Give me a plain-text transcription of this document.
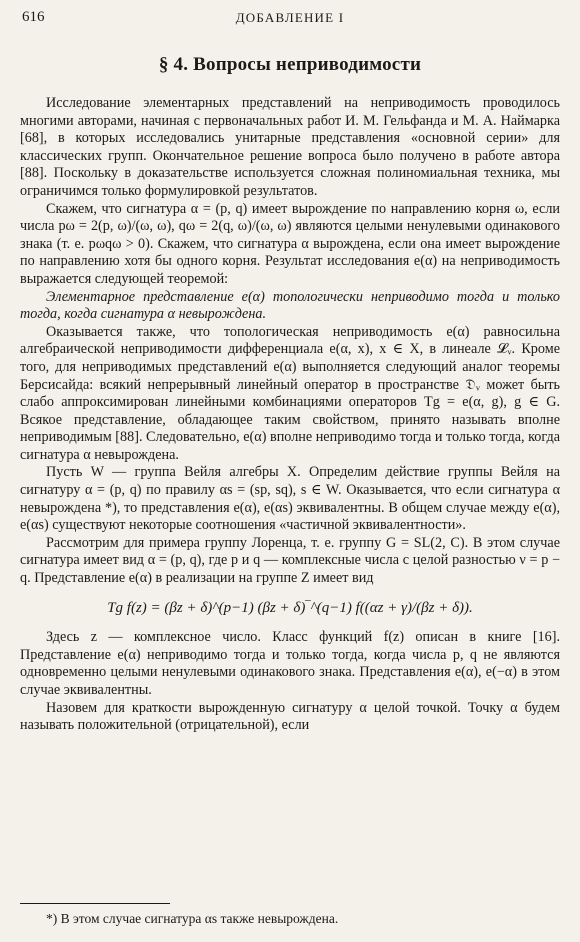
616	ДОБАВЛЕНИЕ I
§ 4. Вопросы неприводимости

Исследование элементарных представлений на неприводимость проводилось многими авторами, начиная с первоначальных работ И. М. Гельфанда и М. А. Наймарка [68], в которых исследовались унитарные представления «основной серии» для классических групп. Окончательное решение вопроса было получено в работе автора [88]. Поскольку в доказательстве используется сложная полиномиальная техника, мы ограничимся только формулировкой результатов.

Скажем, что сигнатура α = (p, q) имеет вырождение по направлению корня ω, если числа pω = 2(p, ω)/(ω, ω), qω = 2(q, ω)/(ω, ω) являются целыми ненулевыми одинакового знака (т. е. pωqω > 0). Скажем, что сигнатура α вырождена, если она имеет вырождение по направлению хотя бы одного корня. Результат исследования e(α) на неприводимость выражается следующей теоремой:

Элементарное представление e(α) топологически неприводимо тогда и только тогда, когда сигнатура α невырождена.

Оказывается также, что топологическая неприводимость e(α) равносильна алгебраической неприводимости дифференциала e(α, x), x ∈ X, в линеале 𝓛ᵥ. Кроме того, для неприводимых представлений e(α) выполняется следующий аналог теоремы Берсисайда: всякий непрерывный линейный оператор в пространстве 𝔇ᵥ может быть слабо аппроксимирован линейными комбинациями операторов Tg = e(α, g), g ∈ G. Всякое представление, обладающее таким свойством, принято называть вполне неприводимым [88]. Следовательно, e(α) вполне неприводимо тогда и только тогда, когда сигнатура α невырождена.

Пусть W — группа Вейля алгебры X. Определим действие группы Вейля на сигнатуру α = (p, q) по правилу αs = (sp, sq), s ∈ W. Оказывается, что если сигнатура α невырождена *), то представления e(α), e(αs) эквивалентны. В общем случае между e(α), e(αs) существуют некоторые соотношения «частичной эквивалентности».

Рассмотрим для примера группу Лоренца, т. е. группу G = SL(2, C). В этом случае сигнатура имеет вид α = (p, q), где p и q — комплексные числа с целой разностью ν = p − q. Представление e(α) в реализации на группе Z имеет вид

Tg f(z) = (βz + δ)^(p−1) (βz + δ)‾^(q−1) f((αz + γ)/(βz + δ)).

Здесь z — комплексное число. Класс функций f(z) описан в книге [16]. Представление e(α) неприводимо тогда и только тогда, когда числа p, q не являются одновременно целыми ненулевыми одинакового знака. Представления e(α), e(−α) в этом случае эквивалентны.

Назовем для краткости вырожденную сигнатуру α целой точкой. Точку α будем называть положительной (отрицательной), если

*) В этом случае сигнатура αs также невырождена.
